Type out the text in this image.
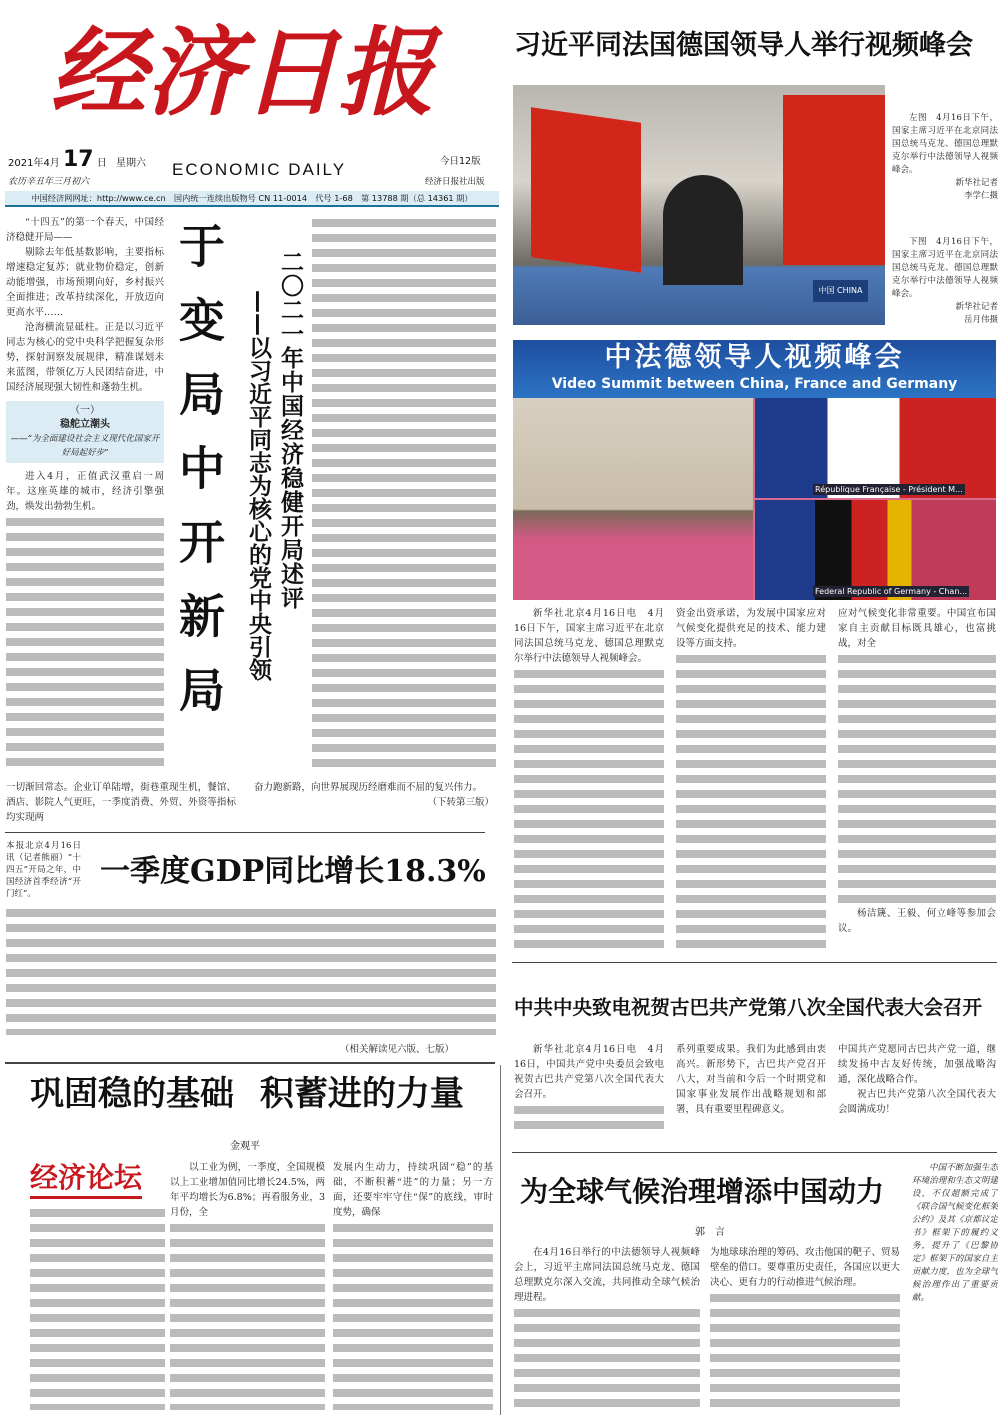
经济日报
2021年4月 17 日 星期六
农历辛丑年三月初六
ECONOMIC DAILY	今日12版
经济日报社出版
中国经济网网址：http://www.ce.cn　国内统一连续出版物号 CN 11-0014　代号 1-68　第 13788 期（总 14361 期）

“十四五”的第一个春天，中国经济稳健开局——

剔除去年低基数影响，主要指标增速稳定复苏；就业物价稳定，创新动能增强，市场预期向好，乡村振兴全面推进；改革持续深化，开放迈向更高水平……

沧海横流显砥柱。正是以习近平同志为核心的党中央科学把握复杂形势，探射洞察发展规律，精准谋划未来蓝图，带领亿万人民团结奋进，中国经济展现强大韧性和蓬勃生机。

（一）
稳舵立潮头
——“为全面建设社会主义现代化国家开好局起好步”

进入4月，正值武汉重启一周年。这座英雄的城市，经济引擎强劲，焕发出勃勃生机。	于变局中开新局 二〇二一年中国经济稳健开局述评
——以习近平同志为核心的党中央引领

一切渐回常态。企业订单陆增，街巷重现生机，餐馆、酒店、影院人气更旺，一季度消费、外贸、外资等指标均实现两

奋力跑新路，向世界展现历经磨难而不屈的复兴伟力。

（下转第三版）

本报北京4月16日讯（记者熊丽）“十四五”开局之年，中国经济首季经济“开门红”。

一季度GDP同比增长18.3%
（相关解读见六版、七版）
巩固稳的基础 积蓄进的力量
金观平
经济论坛	以工业为例，一季度，全国规模以上工业增加值同比增长24.5%，两年平均增长为6.8%；再看服务业，3月份，全

发展内生动力，持续巩固“稳”的基础，不断积蓄“进”的力量；另一方面，还要牢牢守住“保”的底线，审时度势，确保

习近平同法国德国领导人举行视频峰会
中国 CHINA

左图　4月16日下午，国家主席习近平在北京同法国总统马克龙、德国总理默克尔举行中法德领导人视频峰会。

新华社记者

李学仁摄

下图　4月16日下午，国家主席习近平在北京同法国总统马克龙、德国总理默克尔举行中法德领导人视频峰会。

新华社记者

岳月伟摄

中法德领导人视频峰会
Video Summit between China, France and Germany
République Française - Président M...
Federal Republic of Germany - Chan...

新华社北京4月16日电　4月16日下午，国家主席习近平在北京同法国总统马克龙、德国总理默克尔举行中法德领导人视频峰会。

资金出资承诺，为发展中国家应对气候变化提供充足的技术、能力建设等方面支持。

应对气候变化非常重要。中国宣布国家自主贡献目标既具雄心，也富挑战，对全

杨洁篪、王毅、何立峰等参加会议。

中共中央致电祝贺古巴共产党第八次全国代表大会召开

新华社北京4月16日电　4月16日，中国共产党中央委员会致电祝贺古巴共产党第八次全国代表大会召开。

系列重要成果。我们为此感到由衷高兴。新形势下，古巴共产党召开八大，对当前和今后一个时期党和国家事业发展作出战略规划和部署，具有重要里程碑意义。

中国共产党愿同古巴共产党一道，继续发扬中古友好传统，加强战略沟通，深化战略合作。

祝古巴共产党第八次全国代表大会圆满成功！

为全球气候治理增添中国动力
郭言

中国不断加强生态环境治理和生态文明建设，不仅超额完成了《联合国气候变化框架公约》及其《京都议定书》框架下的履约义务，提升了《巴黎协定》框架下的国家自主贡献力度，也为全球气候治理作出了重要贡献。

在4月16日举行的中法德领导人视频峰会上，习近平主席同法国总统马克龙、德国总理默克尔深入交流，共同推动全球气候治理进程。

为地球球治理的筹码、攻击他国的靶子、贸易壁垒的借口。要尊重历史责任，各国应以更大决心、更有力的行动推进气候治理。
